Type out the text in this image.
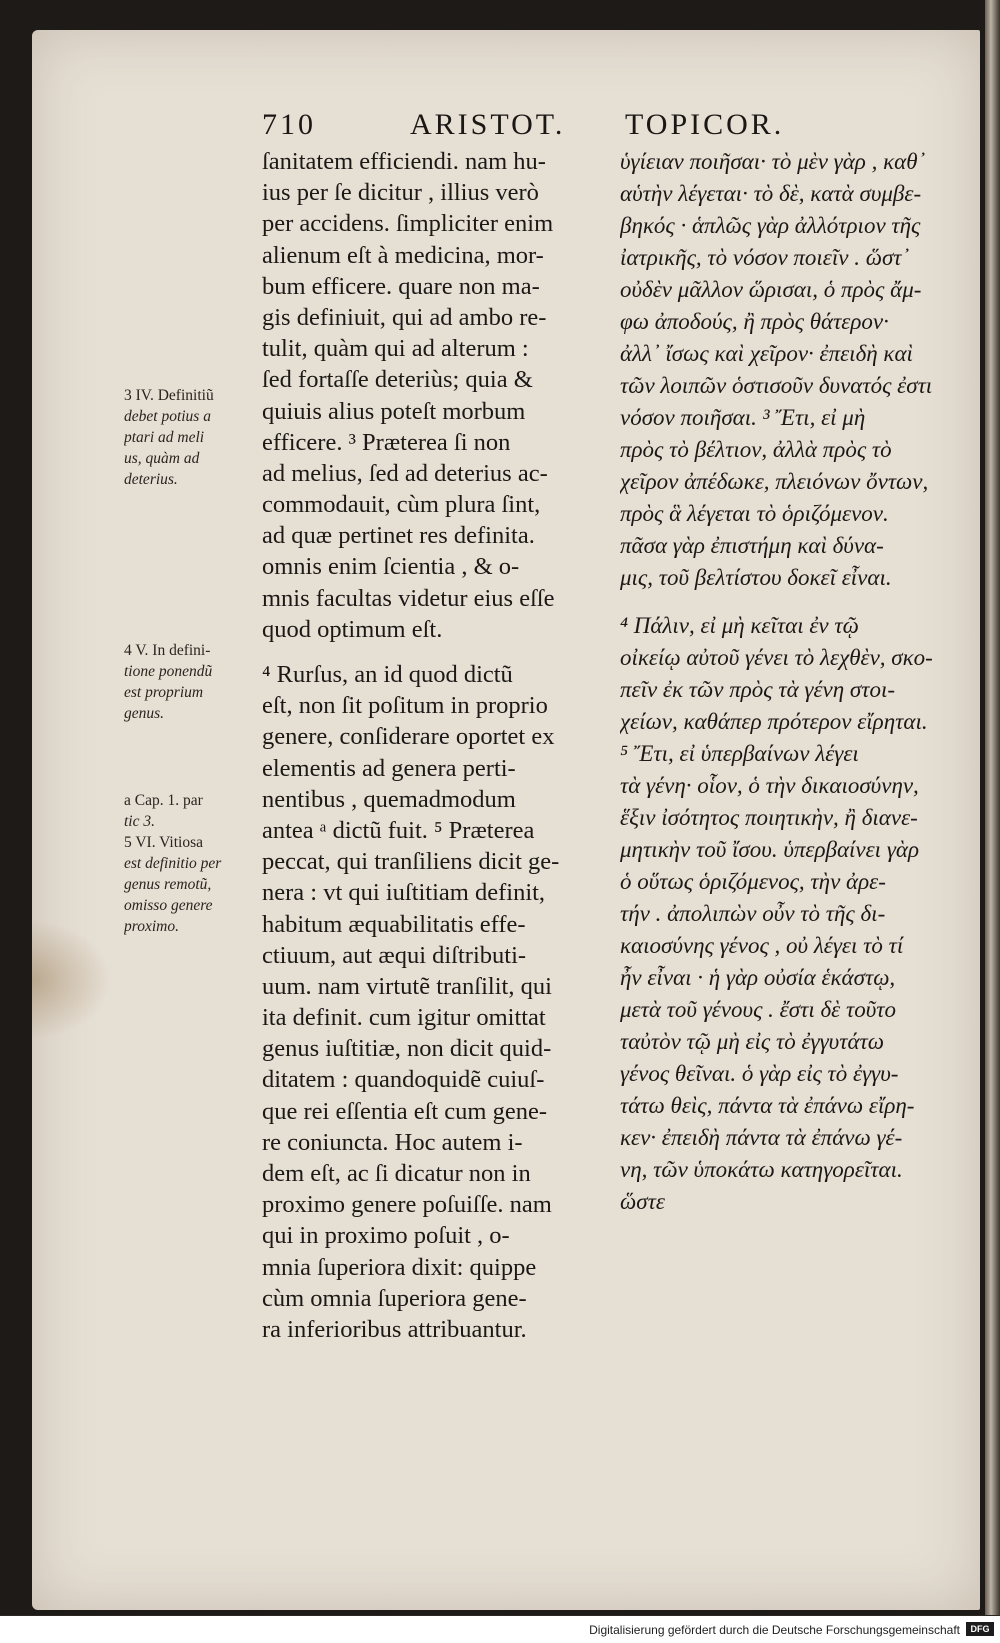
710	ARISTOT. TOPICOR.
ſanitatem efficiendi. nam hu-
ius per ſe dicitur , illius verò
per accidens. ſimpliciter enim
alienum eſt à medicina, mor-
bum efficere. quare non ma-
gis definiuit, qui ad ambo re-
tulit, quàm qui ad alterum :
ſed fortaſſe deteriùs; quia &
quiuis alius poteſt morbum
efficere. ³ Præterea ſi non
ad melius, ſed ad deterius ac-
commodauit, cùm plura ſint,
ad quæ pertinet res definita.
omnis enim ſcientia , & o-
mnis facultas videtur eius eſſe
quod optimum eſt.
⁴ Rurſus, an id quod dictũ
eſt, non ſit poſitum in proprio
genere, conſiderare oportet ex
elementis ad genera perti-
nentibus , quemadmodum
antea ᵃ dictũ fuit. ⁵ Præterea
peccat, qui tranſiliens dicit ge-
nera : vt qui iuſtitiam definit,
habitum æquabilitatis effe-
ctiuum, aut æqui diſtributi-
uum. nam virtutẽ tranſilit, qui
ita definit. cum igitur omittat
genus iuſtitiæ, non dicit quid-
ditatem : quandoquidẽ cuiuſ-
que rei eſſentia eſt cum gene-
re coniuncta. Hoc autem i-
dem eſt, ac ſi dicatur non in
proximo genere poſuiſſe. nam
qui in proximo poſuit , o-
mnia ſuperiora dixit: quippe
cùm omnia ſuperiora gene-
ra inferioribus attribuantur.
ὑγίειαν ποιῆσαι· τὸ μὲν γὰρ , καθ᾽
αὑτὴν λέγεται· τὸ δὲ, κατὰ συμβε-
βηκός · ἁπλῶς γὰρ ἀλλότριον τῆς
ἰατρικῆς, τὸ νόσον ποιεῖν . ὥστ᾽
οὐδὲν μᾶλλον ὥρισαι, ὁ πρὸς ἄμ-
φω ἀποδούς, ἢ πρὸς θάτερον·
ἀλλ᾽ ἴσως καὶ χεῖρον· ἐπειδὴ καὶ
τῶν λοιπῶν ὁστισοῦν δυνατός ἐστι
νόσον ποιῆσαι. ³ Ἔτι, εἰ μὴ
πρὸς τὸ βέλτιον, ἀλλὰ πρὸς τὸ
χεῖρον ἀπέδωκε, πλειόνων ὄντων,
πρὸς ἃ λέγεται τὸ ὁριζόμενον.
πᾶσα γὰρ ἐπιστήμη καὶ δύνα-
μις, τοῦ βελτίστου δοκεῖ εἶναι.
⁴ Πάλιν, εἰ μὴ κεῖται ἐν τῷ
οἰκείῳ αὐτοῦ γένει τὸ λεχθὲν, σκο-
πεῖν ἐκ τῶν πρὸς τὰ γένη στοι-
χείων, καθάπερ πρότερον εἴρηται.
⁵ Ἔτι, εἰ ὑπερβαίνων λέγει
τὰ γένη· οἷον, ὁ τὴν δικαιοσύνην,
ἕξιν ἰσότητος ποιητικὴν, ἢ διανε-
μητικὴν τοῦ ἴσου. ὑπερβαίνει γὰρ
ὁ οὕτως ὁριζόμενος, τὴν ἀρε-
τήν . ἀπολιπὼν οὖν τὸ τῆς δι-
καιοσύνης γένος , οὐ λέγει τὸ τί
ἦν εἶναι · ἡ γὰρ οὐσία ἑκάστῳ,
μετὰ τοῦ γένους . ἔστι δὲ τοῦτο
ταὐτὸν τῷ μὴ εἰς τὸ ἐγγυτάτω
γένος θεῖναι. ὁ γὰρ εἰς τὸ ἐγγυ-
τάτω θεὶς, πάντα τὰ ἐπάνω εἴρη-
κεν· ἐπειδὴ πάντα τὰ ἐπάνω γέ-
νη, τῶν ὑποκάτω κατηγορεῖται.
ὥστε
3 IV. Definitiũ
debet potius a
ptari ad meli
us, quàm ad
deterius.
4 V. In defini-
tione ponendũ
est proprium
genus.
a Cap. 1. par
tic 3.
5 VI. Vitiosa
est definitio per
genus remotũ,
omisso genere
proximo.
Digitalisierung gefördert durch die Deutsche Forschungsgemeinschaft	DFG
